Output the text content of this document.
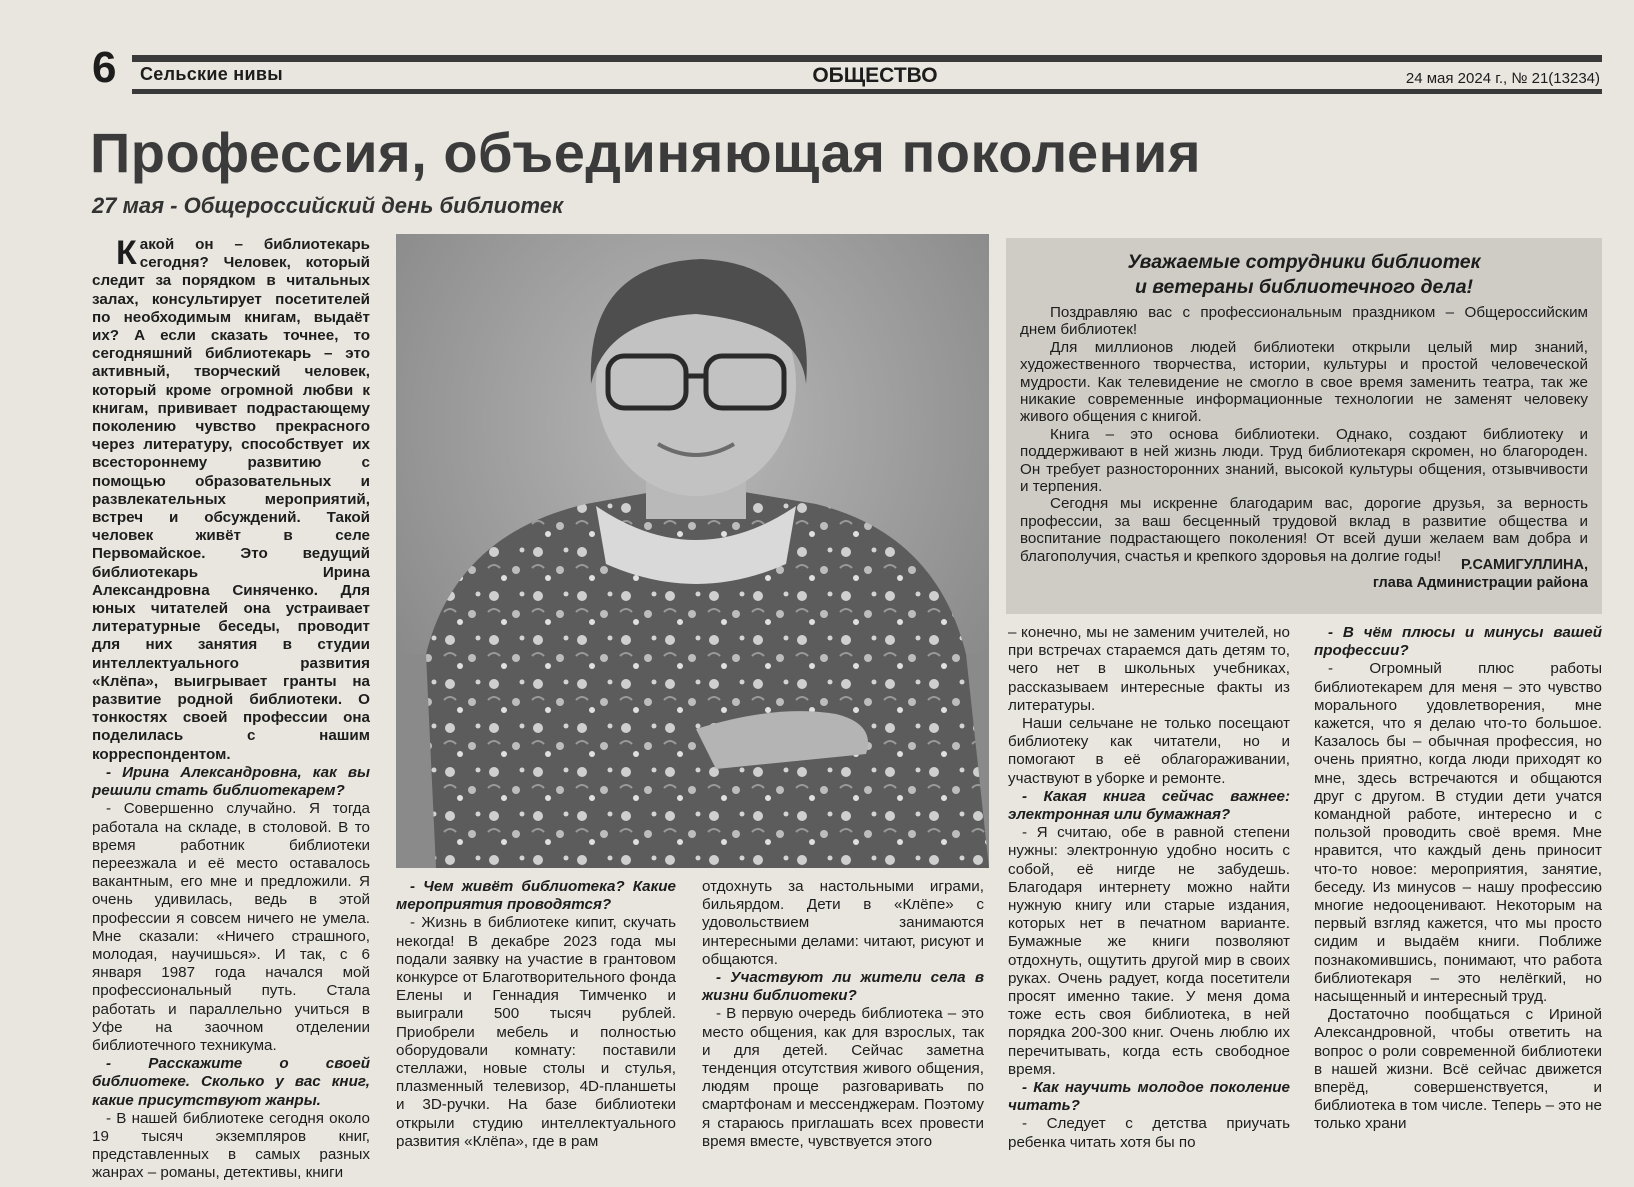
6 Сельские нивы	ОБЩЕСТВО	24 мая 2024 г., № 21(13234)
Профессия, объединяющая поколения
27 мая - Общероссийский день библиотек

Какой он – библиотекарь сегодня? Человек, который следит за порядком в читальных залах, консультирует посетителей по необходимым книгам, выдаёт их? А если сказать точнее, то сегодняшний библиотекарь – это активный, творческий человек, который кроме огромной любви к книгам, прививает подрастающему поколению чувство прекрасного через литературу, способствует их всестороннему развитию с помощью образовательных и развлекательных мероприятий, встреч и обсуждений. Такой человек живёт в селе Первомайское. Это ведущий библиотекарь Ирина Александровна Синяченко. Для юных читателей она устраивает литературные беседы, проводит для них занятия в студии интеллектуального развития «Клёпа», выигрывает гранты на развитие родной библиотеки. О тонкостях своей профессии она поделилась с нашим корреспондентом.

- Ирина Александровна, как вы решили стать библиотекарем?

- Совершенно случайно. Я тогда работала на складе, в столовой. В то время работник библиотеки переезжала и её место оставалось вакантным, его мне и предложили. Я очень удивилась, ведь в этой профессии я совсем ничего не умела. Мне сказали: «Ничего страшного, молодая, научишься». И так, с 6 января 1987 года начался мой профессиональный путь. Стала работать и параллельно учиться в Уфе на заочном отделении библиотечного техникума.

- Расскажите о своей библиотеке. Сколько у вас книг, какие присутствуют жанры.

- В нашей библиотеке сегодня около 19 тысяч экземпляров книг, представленных в самых разных жанрах – романы, детективы, книги

Уважаемые сотрудники библиотек
и ветераны библиотечного дела!

Поздравляю вас с профессиональным праздником – Общероссийским днем библиотек!

Для миллионов людей библиотеки открыли целый мир знаний, художественного творчества, истории, культуры и простой человеческой мудрости. Как телевидение не смогло в свое время заменить театра, так же никакие современные информационные технологии не заменят человеку живого общения с книгой.

Книга – это основа библиотеки. Однако, создают библиотеку и поддерживают в ней жизнь люди. Труд библиотекаря скромен, но благороден. Он требует разносторонних знаний, высокой культуры общения, отзывчивости и терпения.

Сегодня мы искренне благодарим вас, дорогие друзья, за верность профессии, за ваш бесценный трудовой вклад в развитие общества и воспитание подрастающего поколения! От всей души желаем вам добра и благополучия, счастья и крепкого здоровья на долгие годы!

Р.САМИГУЛЛИНА,
глава Администрации района

- Чем живёт библиотека? Какие мероприятия проводятся?

- Жизнь в библиотеке кипит, скучать некогда! В декабре 2023 года мы подали заявку на участие в грантовом конкурсе от Благотворительного фонда Елены и Геннадия Тимченко и выиграли 500 тысяч рублей. Приобрели мебель и полностью оборудовали комнату: поставили стеллажи, новые столы и стулья, плазменный телевизор, 4D-планшеты и 3D-ручки. На базе библиотеки открыли студию интеллектуального развития «Клёпа», где в рам

отдохнуть за настольными играми, бильярдом. Дети в «Клёпе» с удовольствием занимаются интересными делами: читают, рисуют и общаются.

- Участвуют ли жители села в жизни библиотеки?

- В первую очередь библиотека – это место общения, как для взрослых, так и для детей. Сейчас заметна тенденция отсутствия живого общения, людям проще разговаривать по смартфонам и мессенджерам. Поэтому я стараюсь приглашать всех провести время вместе, чувствуется этого

– конечно, мы не заменим учителей, но при встречах стараемся дать детям то, чего нет в школьных учебниках, рассказываем интересные факты из литературы.

Наши сельчане не только посещают библиотеку как читатели, но и помогают в её облагораживании, участвуют в уборке и ремонте.

- Какая книга сейчас важнее: электронная или бумажная?

- Я считаю, обе в равной степени нужны: электронную удобно носить с собой, её нигде не забудешь. Благодаря интернету можно найти нужную книгу или старые издания, которых нет в печатном варианте. Бумажные же книги позволяют отдохнуть, ощутить другой мир в своих руках. Очень радует, когда посетители просят именно такие. У меня дома тоже есть своя библиотека, в ней порядка 200-300 книг. Очень люблю их перечитывать, когда есть свободное время.

- Как научить молодое поколение читать?

- Следует с детства приучать ребенка читать хотя бы по

- В чём плюсы и минусы вашей профессии?

- Огромный плюс работы библиотекарем для меня – это чувство морального удовлетворения, мне кажется, что я делаю что-то большое. Казалось бы – обычная профессия, но очень приятно, когда люди приходят ко мне, здесь встречаются и общаются друг с другом. В студии дети учатся командной работе, интересно и с пользой проводить своё время. Мне нравится, что каждый день приносит что-то новое: мероприятия, занятие, беседу. Из минусов – нашу профессию многие недооценивают. Некоторым на первый взгляд кажется, что мы просто сидим и выдаём книги. Поближе познакомившись, понимают, что работа библиотекаря – это нелёгкий, но насыщенный и интересный труд.

Достаточно пообщаться с Ириной Александровной, чтобы ответить на вопрос о роли современной библиотеки в нашей жизни. Всё сейчас движется вперёд, совершенствуется, и библиотека в том числе. Теперь – это не только храни
